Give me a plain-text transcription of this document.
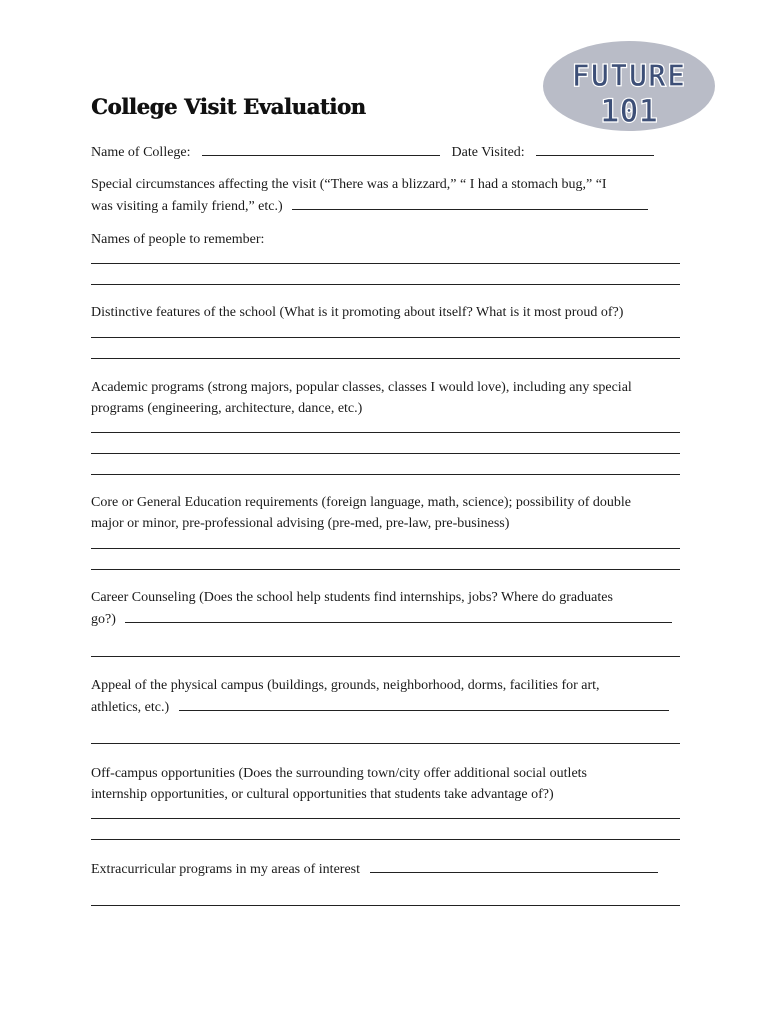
FUTURE
101
College Visit Evaluation
Name of College:	Date Visited:
Special circumstances affecting the visit (“There was a blizzard,” “ I had a stomach bug,” “I
was visiting a family friend,” etc.)
Names of people to remember:
Distinctive features of the school (What is it promoting about itself? What is it most proud of?)
Academic programs (strong majors, popular classes, classes I would love), including any special
programs (engineering, architecture, dance, etc.)
Core or General Education requirements (foreign language, math, science); possibility of double
major or minor, pre-professional advising (pre-med, pre-law, pre-business)
Career Counseling (Does the school help students find internships, jobs? Where do graduates
go?)
Appeal of the physical campus (buildings, grounds, neighborhood, dorms, facilities for art,
athletics, etc.)
Off-campus opportunities (Does the surrounding town/city offer additional social outlets
internship opportunities, or cultural opportunities that students take advantage of?)
Extracurricular programs in my areas of interest
